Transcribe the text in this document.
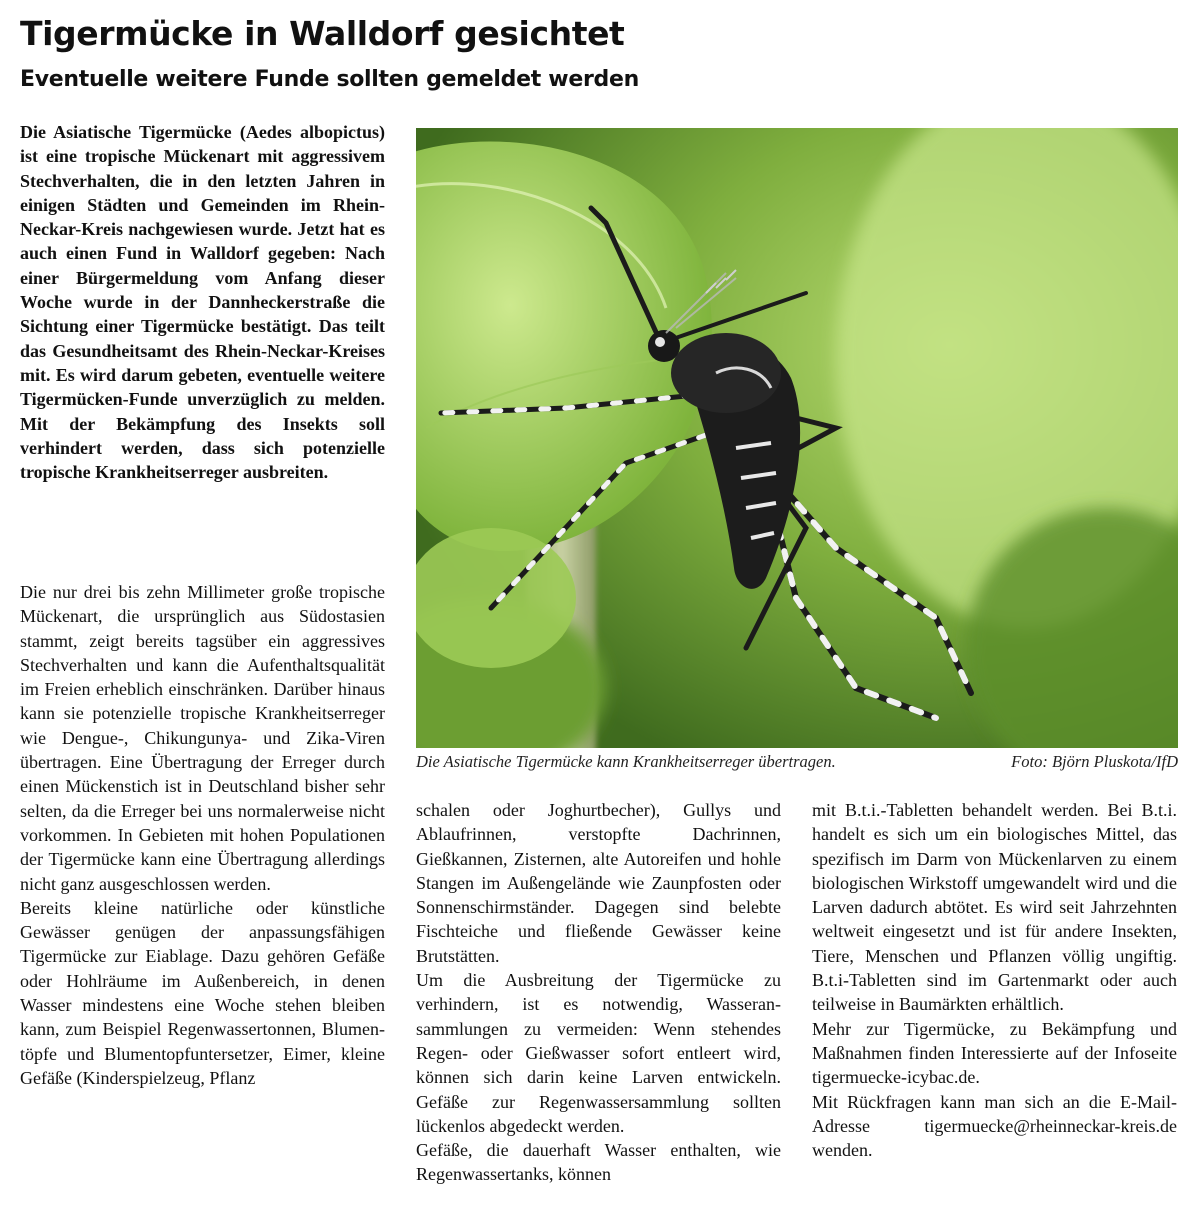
Tigermücke in Walldorf gesichtet
Eventuelle weitere Funde sollten gemeldet werden
Die Asiatische Tigermücke (Aedes albopictus) ist eine tropische Mückenart mit aggressivem Stechverhalten, die in den letzten Jahren in einigen Städten und Gemeinden im Rhein-Neckar-Kreis nachgewiesen wurde. Jetzt hat es auch einen Fund in Walldorf gegeben: Nach einer Bürgermeldung vom Anfang dieser Woche wurde in der Dannheckerstraße die Sichtung einer Tigermücke bestätigt. Das teilt das Gesundheitsamt des Rhein-Neckar-Kreises mit. Es wird darum gebeten, eventuelle weitere Tigermücken-Funde unverzüglich zu melden. Mit der Bekämpfung des Insekts soll verhindert werden, dass sich potenzielle tropische Krankheitserreger ausbreiten.
Die Asiatische Tigermücke kann Krankheitserreger übertragen.	Foto: Björn Pluskota/IfD

Die nur drei bis zehn Millimeter große tropische Mückenart, die ursprünglich aus Südostasien stammt, zeigt bereits tagsüber ein aggressives Stechverhalten und kann die Aufenthaltsqualität im Freien erheblich einschränken. Darüber hinaus kann sie potenzielle tropische Krankheitserreger wie Dengue-, Chikungunya- und Zika-Viren übertragen. Eine Übertragung der Erreger durch einen Mückenstich ist in Deutschland bisher sehr selten, da die Erreger bei uns normalerweise nicht vorkommen. In Gebieten mit hohen Populationen der Tigermücke kann eine Übertragung allerdings nicht ganz ausgeschlossen werden.

Bereits kleine natürliche oder künstliche Gewässer genügen der anpassungsfähigen Tigermücke zur Eiablage. Dazu gehören Gefäße oder Hohlräume im Außenbereich, in denen Wasser mindestens eine Woche stehen bleiben kann, zum Beispiel Regenwassertonnen, Blumentöpfe und Blumentopfuntersetzer, Eimer, kleine Gefäße (Kinderspielzeug, Pflanz

schalen oder Joghurtbecher), Gullys und Ablaufrinnen, verstopfte Dachrinnen, Gießkannen, Zisternen, alte Autoreifen und hohle Stangen im Außengelände wie Zaunpfosten oder Sonnenschirmständer. Dagegen sind belebte Fischteiche und fließende Gewässer keine Brutstätten.

Um die Ausbreitung der Tigermücke zu verhindern, ist es notwendig, Wasseransammlungen zu vermeiden: Wenn stehendes Regen- oder Gießwasser sofort entleert wird, können sich darin keine Larven entwickeln. Gefäße zur Regenwassersammlung sollten lückenlos abgedeckt werden.

Gefäße, die dauerhaft Wasser enthalten, wie Regenwassertanks, können

mit B.t.i.-Tabletten behandelt werden. Bei B.t.i. handelt es sich um ein biologisches Mittel, das spezifisch im Darm von Mückenlarven zu einem biologischen Wirkstoff umgewandelt wird und die Larven dadurch abtötet. Es wird seit Jahrzehnten weltweit eingesetzt und ist für andere Insekten, Tiere, Menschen und Pflanzen völlig ungiftig. B.t.i-Tabletten sind im Gartenmarkt oder auch teilweise in Baumärkten erhältlich.

Mehr zur Tigermücke, zu Bekämpfung und Maßnahmen finden Interessierte auf der Infoseite tigermuecke-icybac.de.

Mit Rückfragen kann man sich an die E-Mail-Adresse tigermuecke@rheinneckar-kreis.de wenden.
